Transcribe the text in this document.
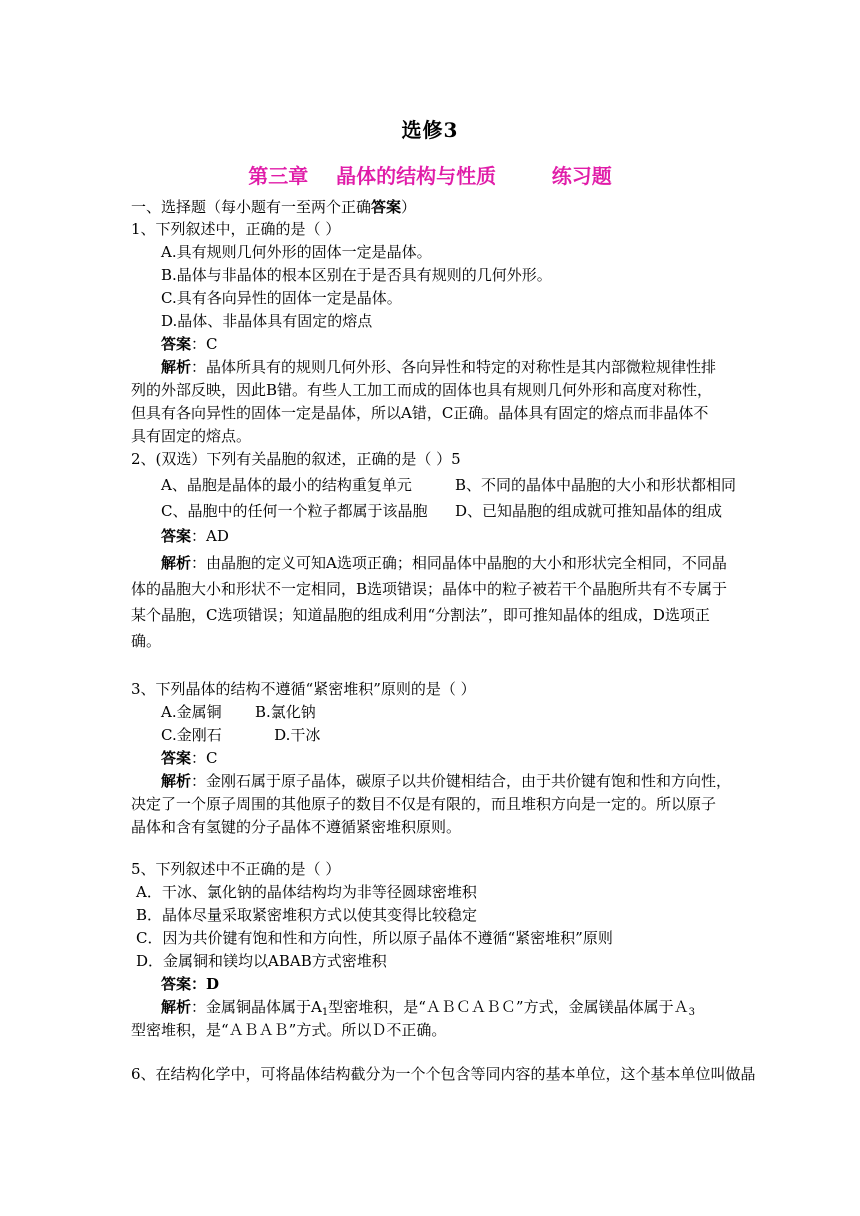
选修3
第三章    晶体的结构与性质        练习题
一、选择题（每小题有一至两个正确答案）
1、下列叙述中，正确的是（ ）
A.具有规则几何外形的固体一定是晶体。
B.晶体与非晶体的根本区别在于是否具有规则的几何外形。
C.具有各向异性的固体一定是晶体。
D.晶体、非晶体具有固定的熔点
答案：C
解析：晶体所具有的规则几何外形、各向异性和特定的对称性是其内部微粒规律性排
列的外部反映，因此B错。有些人工加工而成的固体也具有规则几何外形和高度对称性，
但具有各向异性的固体一定是晶体，所以A错，C正确。晶体具有固定的熔点而非晶体不
具有固定的熔点。
2、(双选）下列有关晶胞的叙述，正确的是（ ）5
A、晶胞是晶体的最小的结构重复单元	B、不同的晶体中晶胞的大小和形状都相同
C、晶胞中的任何一个粒子都属于该晶胞 D、已知晶胞的组成就可推知晶体的组成
答案：AD
解析：由晶胞的定义可知A选项正确；相同晶体中晶胞的大小和形状完全相同，不同晶
体的晶胞大小和形状不一定相同，B选项错误；晶体中的粒子被若干个晶胞所共有不专属于
某个晶胞，C选项错误；知道晶胞的组成利用“分割法”，即可推知晶体的组成，D选项正
确。
3、下列晶体的结构不遵循“紧密堆积”原则的是（ ）
A.金属铜       B.氯化钠
C.金刚石           D.干冰
答案：C
解析：金刚石属于原子晶体，碳原子以共价键相结合，由于共价键有饱和性和方向性，
决定了一个原子周围的其他原子的数目不仅是有限的，而且堆积方向是一定的。所以原子
晶体和含有氢键的分子晶体不遵循紧密堆积原则。
5、下列叙述中不正确的是（ ）
A．干冰、氯化钠的晶体结构均为非等径圆球密堆积
B．晶体尽量采取紧密堆积方式以使其变得比较稳定
C．因为共价键有饱和性和方向性，所以原子晶体不遵循“紧密堆积”原则
D．金属铜和镁均以ABAB方式密堆积
答案：D
解析：金属铜晶体属于$A_1$型密堆积，是“ＡＢＣＡＢＣ”方式，金属镁晶体属于Ａ$_3$
型密堆积，是“ＡＢＡＢ”方式。所以Ｄ不正确。
6、在结构化学中，可将晶体结构截分为一个个包含等同内容的基本单位，这个基本单位叫做晶
